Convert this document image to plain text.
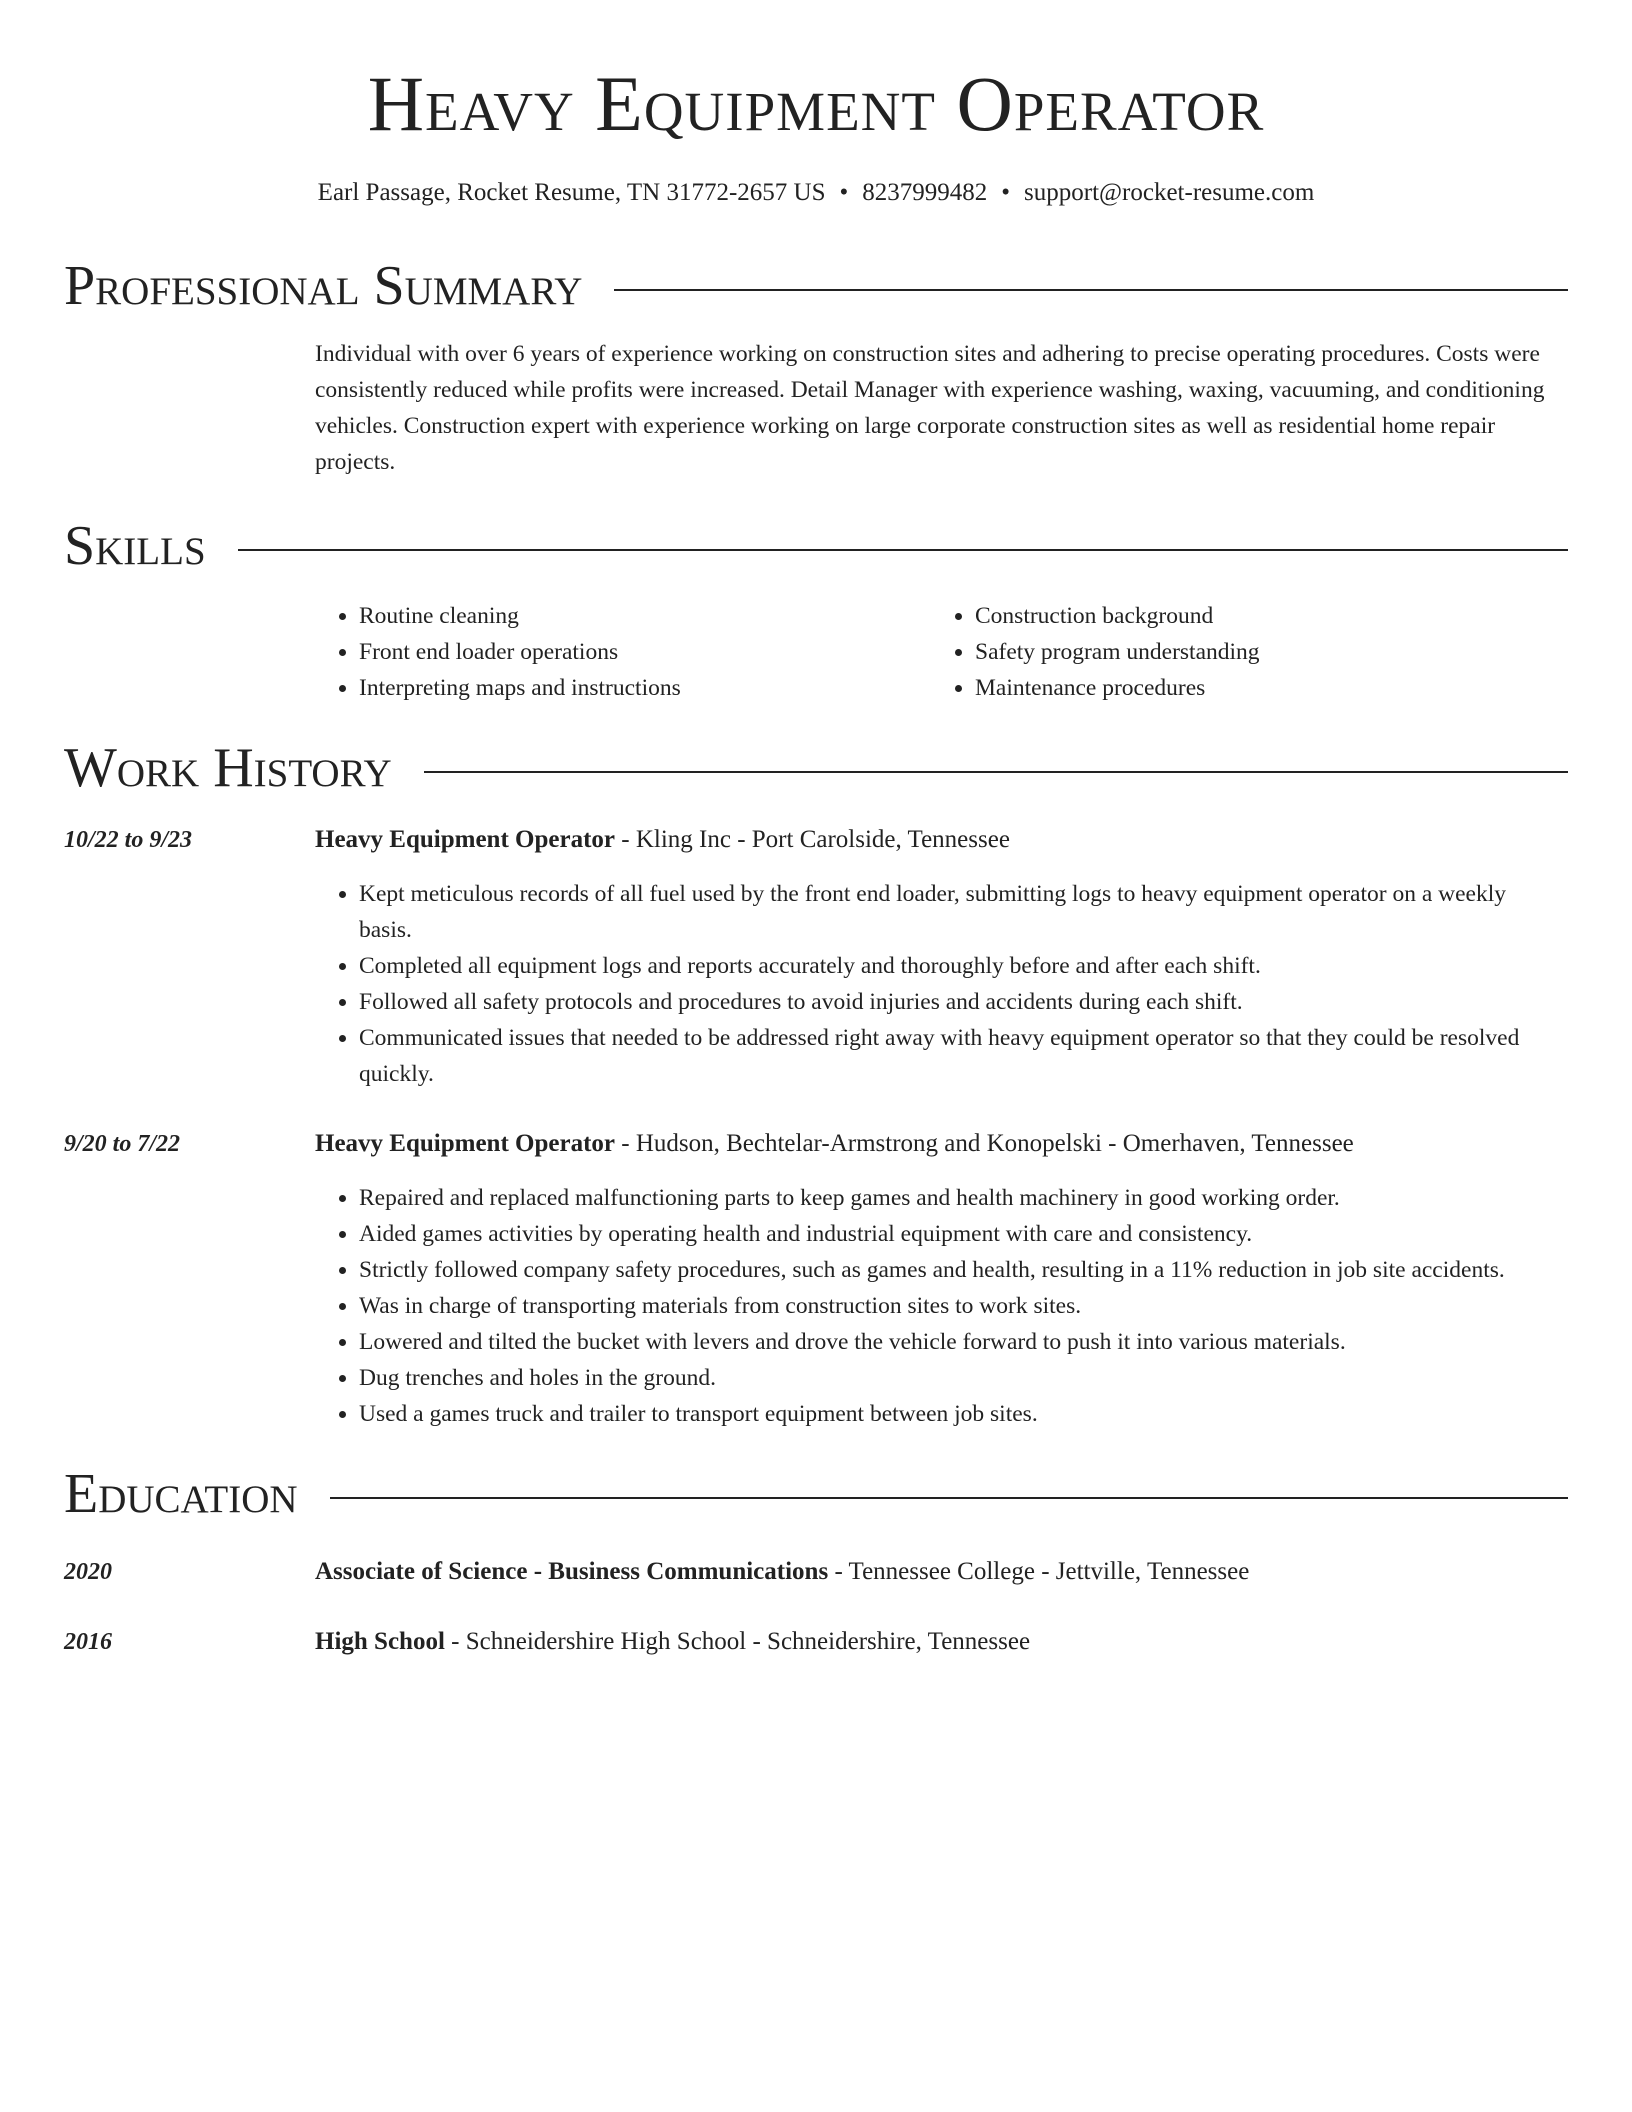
Heavy Equipment Operator
Earl Passage, Rocket Resume, TN 31772-2657 US • 8237999482 • support@rocket-resume.com
Professional Summary
Individual with over 6 years of experience working on construction sites and adhering to precise operating procedures. Costs were consistently reduced while profits were increased. Detail Manager with experience washing, waxing, vacuuming, and conditioning vehicles. Construction expert with experience working on large corporate construction sites as well as residential home repair projects.
Skills
• Routine cleaning
• Front end loader operations
• Interpreting maps and instructions
• Construction background
• Safety program understanding
• Maintenance procedures
Work History
10/22 to 9/23	Heavy Equipment Operator - Kling Inc - Port Carolside, Tennessee
• Kept meticulous records of all fuel used by the front end loader, submitting logs to heavy equipment operator on a weekly basis.
• Completed all equipment logs and reports accurately and thoroughly before and after each shift.
• Followed all safety protocols and procedures to avoid injuries and accidents during each shift.
• Communicated issues that needed to be addressed right away with heavy equipment operator so that they could be resolved quickly.
9/20 to 7/22	Heavy Equipment Operator - Hudson, Bechtelar-Armstrong and Konopelski - Omerhaven, Tennessee
• Repaired and replaced malfunctioning parts to keep games and health machinery in good working order.
• Aided games activities by operating health and industrial equipment with care and consistency.
• Strictly followed company safety procedures, such as games and health, resulting in a 11% reduction in job site accidents.
• Was in charge of transporting materials from construction sites to work sites.
• Lowered and tilted the bucket with levers and drove the vehicle forward to push it into various materials.
• Dug trenches and holes in the ground.
• Used a games truck and trailer to transport equipment between job sites.
Education
2020	Associate of Science - Business Communications - Tennessee College - Jettville, Tennessee
2016	High School - Schneidershire High School - Schneidershire, Tennessee
